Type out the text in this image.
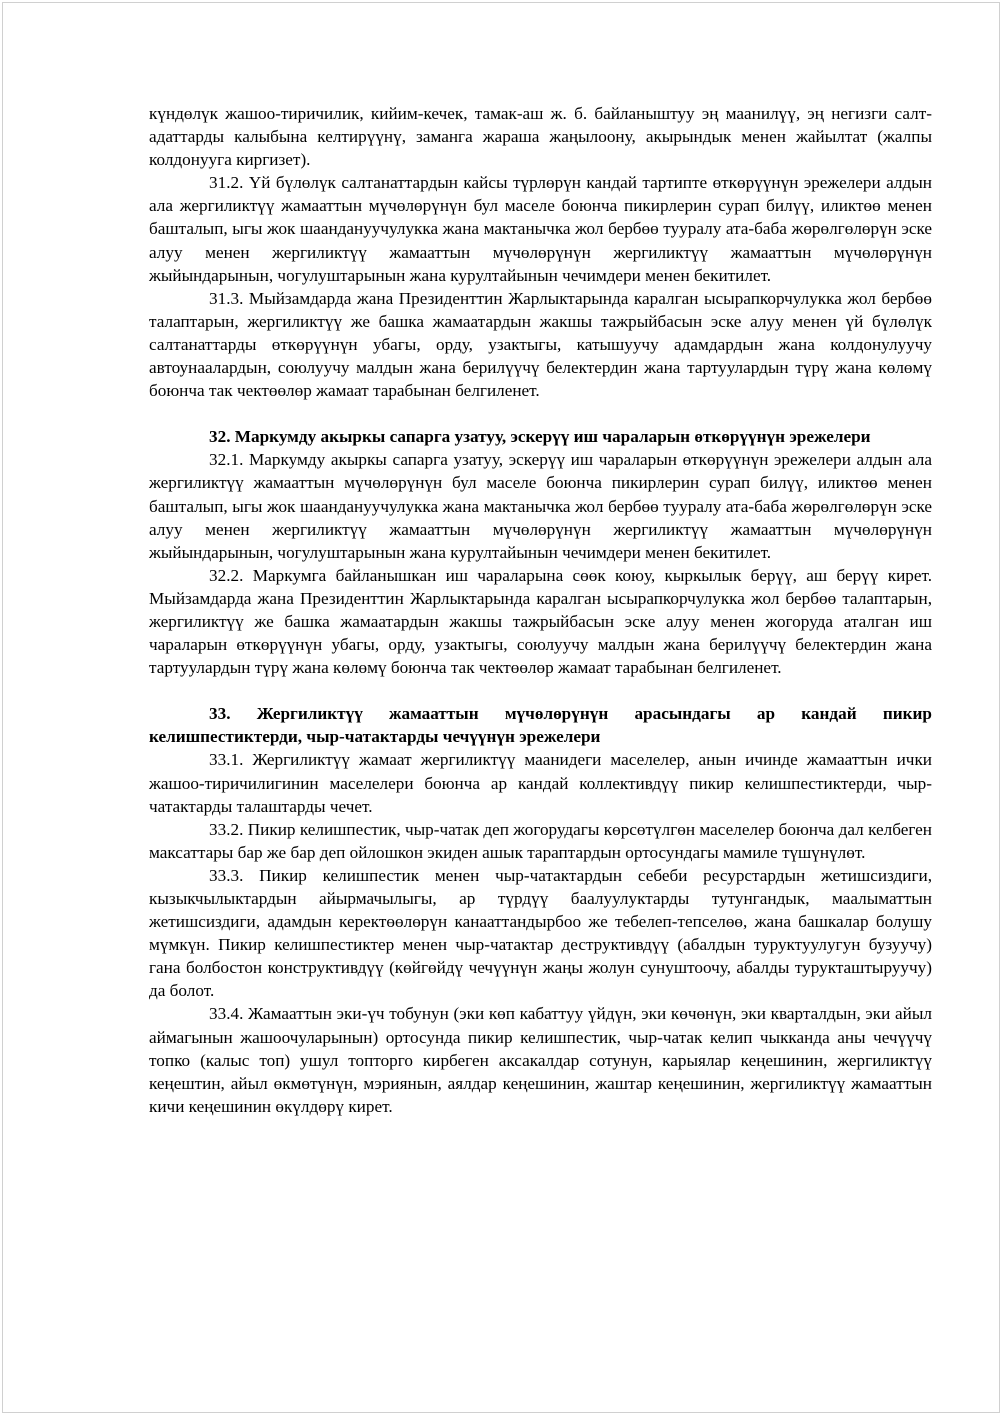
күндөлүк жашоо-тиричилик, кийим-кечек, тамак-аш ж. б. байланыштуу эң маанилүү, эң негизги салт-адаттарды калыбына келтирүүнү, заманга жараша жаңылоону, акырындык менен жайылтат (жалпы колдонууга киргизет).

31.2. Үй бүлөлүк салтанаттардын кайсы түрлөрүн кандай тартипте өткөрүүнүн эрежелери алдын ала жергиликтүү жамааттын мүчөлөрүнүн бул маселе боюнча пикирлерин сурап билүү, иликтөө менен башталып, ыгы жок шаандануучулукка жана мактанычка жол бербөө тууралу ата-баба жөрөлгөлөрүн эске алуу менен жергиликтүү жамааттын мүчөлөрүнүн жергиликтүү жамааттын мүчөлөрүнүн жыйындарынын, чогулуштарынын жана курултайынын чечимдери менен бекитилет.

31.3. Мыйзамдарда жана Президенттин Жарлыктарында каралган ысырапкорчулукка жол бербөө талаптарын, жергиликтүү же башка жамаатардын жакшы тажрыйбасын эске алуу менен үй бүлөлүк салтанаттарды өткөрүүнүн убагы, орду, узактыгы, катышуучу адамдардын жана колдонулуучу автоунаалардын, союлуучу малдын жана берилүүчү белектердин жана тартуулардын түрү жана көлөмү боюнча так чектөөлөр жамаат тарабынан белгиленет.

32. Маркумду акыркы сапарга узатуу, эскерүү иш чараларын өткөрүүнүн эрежелери

32.1. Маркумду акыркы сапарга узатуу, эскерүү иш чараларын өткөрүүнүн эрежелери алдын ала жергиликтүү жамааттын мүчөлөрүнүн бул маселе боюнча пикирлерин сурап билүү, иликтөө менен башталып, ыгы жок шаандануучулукка жана мактанычка жол бербөө тууралу ата-баба жөрөлгөлөрүн эске алуу менен жергиликтүү жамааттын мүчөлөрүнүн жергиликтүү жамааттын мүчөлөрүнүн жыйындарынын, чогулуштарынын жана курултайынын чечимдери менен бекитилет.

32.2. Маркумга байланышкан иш чараларына сөөк коюу, кыркылык берүү, аш берүү кирет. Мыйзамдарда жана Президенттин Жарлыктарында каралган ысырапкорчулукка жол бербөө талаптарын, жергиликтүү же башка жамаатардын жакшы тажрыйбасын эске алуу менен жогоруда аталган иш чараларын өткөрүүнүн убагы, орду, узактыгы, союлуучу малдын жана берилүүчү белектердин жана тартуулардын түрү жана көлөмү боюнча так чектөөлөр жамаат тарабынан белгиленет.

33. Жергиликтүү жамааттын мүчөлөрүнүн арасындагы ар кандай пикир келишпестиктерди, чыр-чатактарды чечүүнүн эрежелери

33.1. Жергиликтүү жамаат жергиликтүү маанидеги маселелер, анын ичинде жамааттын ички жашоо-тиричилигинин маселелери боюнча ар кандай коллективдүү пикир келишпестиктерди, чыр-чатактарды талаштарды чечет.

33.2. Пикир келишпестик, чыр-чатак деп жогорудагы көрсөтүлгөн маселелер боюнча дал келбеген максаттары бар же бар деп ойлошкон экиден ашык тараптардын ортосундагы мамиле түшүнүлөт.

33.3. Пикир келишпестик менен чыр-чатактардын себеби ресурстардын жетишсиздиги, кызыкчылыктардын айырмачылыгы, ар түрдүү баалуулуктарды тутунгандык, маалыматтын жетишсиздиги, адамдын керектөөлөрүн канааттандырбоо же тебелеп-тепселөө, жана башкалар болушу мүмкүн. Пикир келишпестиктер менен чыр-чатактар деструктивдүү (абалдын туруктуулугун бузуучу) гана болбостон конструктивдүү (көйгөйдү чечүүнүн жаңы жолун сунуштоочу, абалды турукташтыруучу) да болот.

33.4. Жамааттын эки-үч тобунун (эки көп кабаттуу үйдүн, эки көчөнүн, эки кварталдын, эки айыл аймагынын жашоочуларынын) ортосунда пикир келишпестик, чыр-чатак келип чыкканда аны чечүүчү топко (калыс топ) ушул топторго кирбеген аксакалдар сотунун, карыялар кеңешинин, жергиликтүү кеңештин, айыл өкмөтүнүн, мэриянын, аялдар кеңешинин, жаштар кеңешинин, жергиликтүү жамааттын кичи кеңешинин өкүлдөрү кирет.
